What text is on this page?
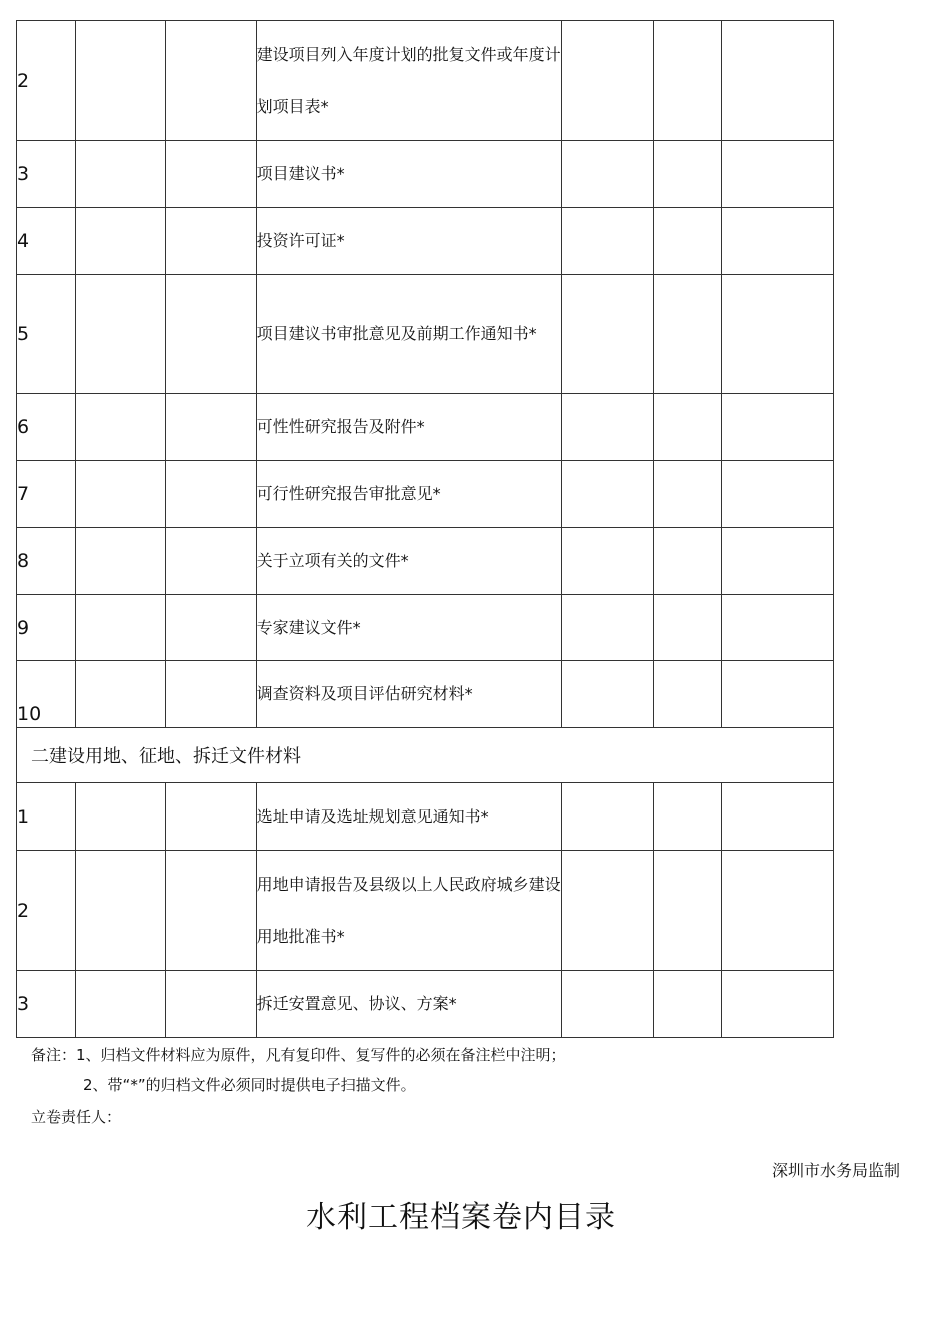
2			建设项目列入年度计划的批复文件或年度计划项目表*			
3			项目建议书*			
4			投资许可证*			
5			项目建议书审批意见及前期工作通知书*			
6			可性性研究报告及附件*			
7			可行性研究报告审批意见*			
8			关于立项有关的文件*			
9			专家建议文件*			
10			调查资料及项目评估研究材料*			
二建设用地、征地、拆迁文件材料						
1			选址申请及选址规划意见通知书*			
2			用地申请报告及县级以上人民政府城乡建设用地批准书*			
3			拆迁安置意见、协议、方案*			
备注：1、归档文件材料应为原件，凡有复印件、复写件的必须在备注栏中注明；
2、带“*”的归档文件必须同时提供电子扫描文件。
立卷责任人：
深圳市水务局监制
水利工程档案卷内目录
